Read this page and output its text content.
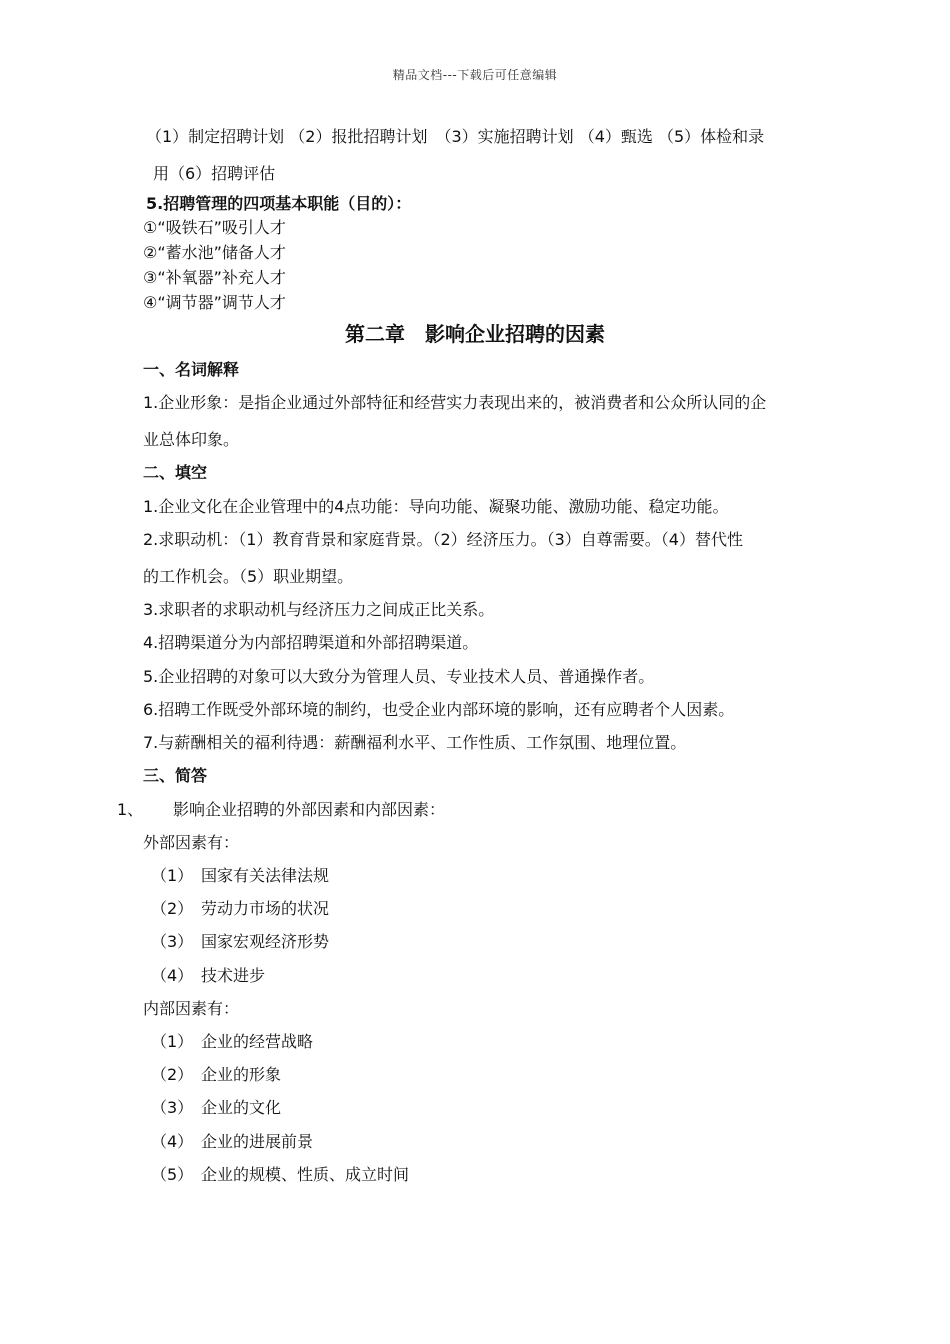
精品文档---下载后可任意编辑
（1）制定招聘计划 （2）报批招聘计划　（3）实施招聘计划 （4）甄选 （5）体检和录
用（6）招聘评估
5.招聘管理的四项基本职能（目的）：
①“吸铁石”吸引人才
②“蓄水池”储备人才
③“补氧器”补充人才
④“调节器”调节人才
第二章　影响企业招聘的因素
一、名词解释
1.企业形象：是指企业通过外部特征和经营实力表现出来的，被消费者和公众所认同的企
业总体印象。
二、填空
1.企业文化在企业管理中的4点功能：导向功能、凝聚功能、激励功能、稳定功能。
2.求职动机：（1）教育背景和家庭背景。（2）经济压力。（3）自尊需要。（4）替代性
的工作机会。（5）职业期望。
3.求职者的求职动机与经济压力之间成正比关系。
4.招聘渠道分为内部招聘渠道和外部招聘渠道。
5.企业招聘的对象可以大致分为管理人员、专业技术人员、普通操作者。
6.招聘工作既受外部环境的制约，也受企业内部环境的影响，还有应聘者个人因素。
7.与薪酬相关的福利待遇：薪酬福利水平、工作性质、工作氛围、地理位置。
三、简答
1、 影响企业招聘的外部因素和内部因素：
外部因素有：
（1） 国家有关法律法规
（2） 劳动力市场的状况
（3） 国家宏观经济形势
（4） 技术进步
内部因素有：
（1） 企业的经营战略
（2） 企业的形象
（3） 企业的文化
（4） 企业的进展前景
（5） 企业的规模、性质、成立时间
